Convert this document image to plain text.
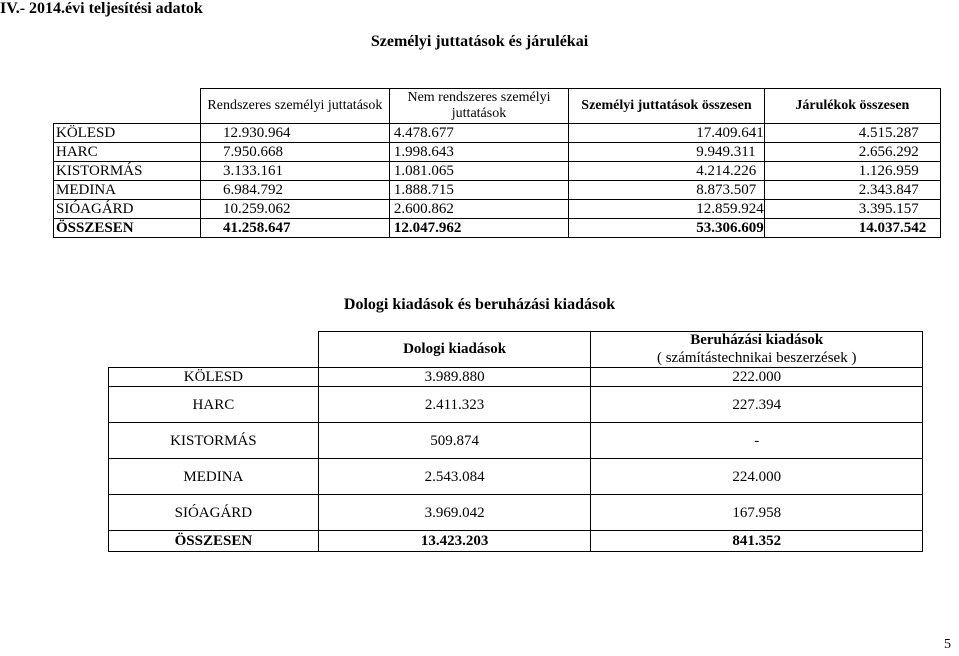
IV.- 2014.évi teljesítési adatok
Személyi juttatások és járulékai
	Rendszeres személyi juttatások	Nem rendszeres személyi juttatások	Személyi juttatások összesen	Járulékok összesen
KÖLESD	12.930.964	4.478.677	17.409.641	4.515.287
HARC	7.950.668	1.998.643	9.949.311	2.656.292
KISTORMÁS	3.133.161	1.081.065	4.214.226	1.126.959
MEDINA	6.984.792	1.888.715	8.873.507	2.343.847
SIÓAGÁRD	10.259.062	2.600.862	12.859.924	3.395.157
ÖSSZESEN	41.258.647	12.047.962	53.306.609	14.037.542
Dologi kiadások és beruházási kiadások
	Dologi kiadások	Beruházási kiadások
( számítástechnikai beszerzések )

KÖLESD	3.989.880	222.000
HARC	2.411.323	227.394
KISTORMÁS	509.874	-
MEDINA	2.543.084	224.000
SIÓAGÁRD	3.969.042	167.958
ÖSSZESEN	13.423.203	841.352
5
